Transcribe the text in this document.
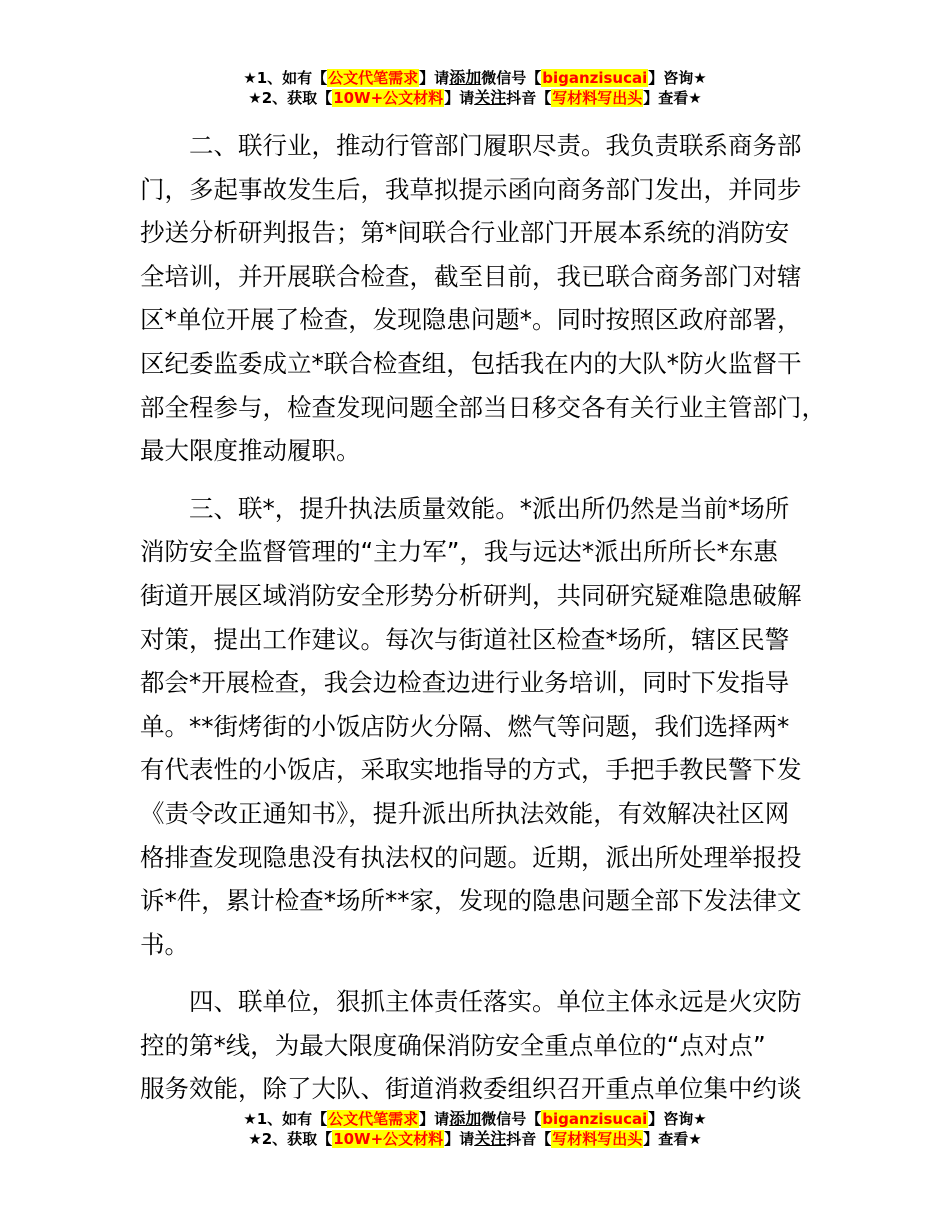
★1、如有【公文代笔需求】请添加微信号【biganzisucai】咨询★
★2、获取【10W+公文材料】请关注抖音【写材料写出头】查看★
二、联行业，推动行管部门履职尽责。我负责联系商务部
门，多起事故发生后，我草拟提示函向商务部门发出，并同步
抄送分析研判报告；第*间联合行业部门开展本系统的消防安
全培训，并开展联合检查，截至目前，我已联合商务部门对辖
区*单位开展了检查，发现隐患问题*。同时按照区政府部署，
区纪委监委成立*联合检查组，包括我在内的大队*防火监督干
部全程参与，检查发现问题全部当日移交各有关行业主管部门，
最大限度推动履职。
三、联*，提升执法质量效能。*派出所仍然是当前*场所
消防安全监督管理的“主力军”，我与远达*派出所所长*东惠
街道开展区域消防安全形势分析研判，共同研究疑难隐患破解
对策，提出工作建议。每次与街道社区检查*场所，辖区民警
都会*开展检查，我会边检查边进行业务培训，同时下发指导
单。**街烤街的小饭店防火分隔、燃气等问题，我们选择两*
有代表性的小饭店，采取实地指导的方式，手把手教民警下发
《责令改正通知书》，提升派出所执法效能，有效解决社区网
格排查发现隐患没有执法权的问题。近期，派出所处理举报投
诉*件，累计检查*场所**家，发现的隐患问题全部下发法律文
书。
四、联单位，狠抓主体责任落实。单位主体永远是火灾防
控的第*线，为最大限度确保消防安全重点单位的“点对点”
服务效能，除了大队、街道消救委组织召开重点单位集中约谈
★1、如有【公文代笔需求】请添加微信号【biganzisucai】咨询★
★2、获取【10W+公文材料】请关注抖音【写材料写出头】查看★
